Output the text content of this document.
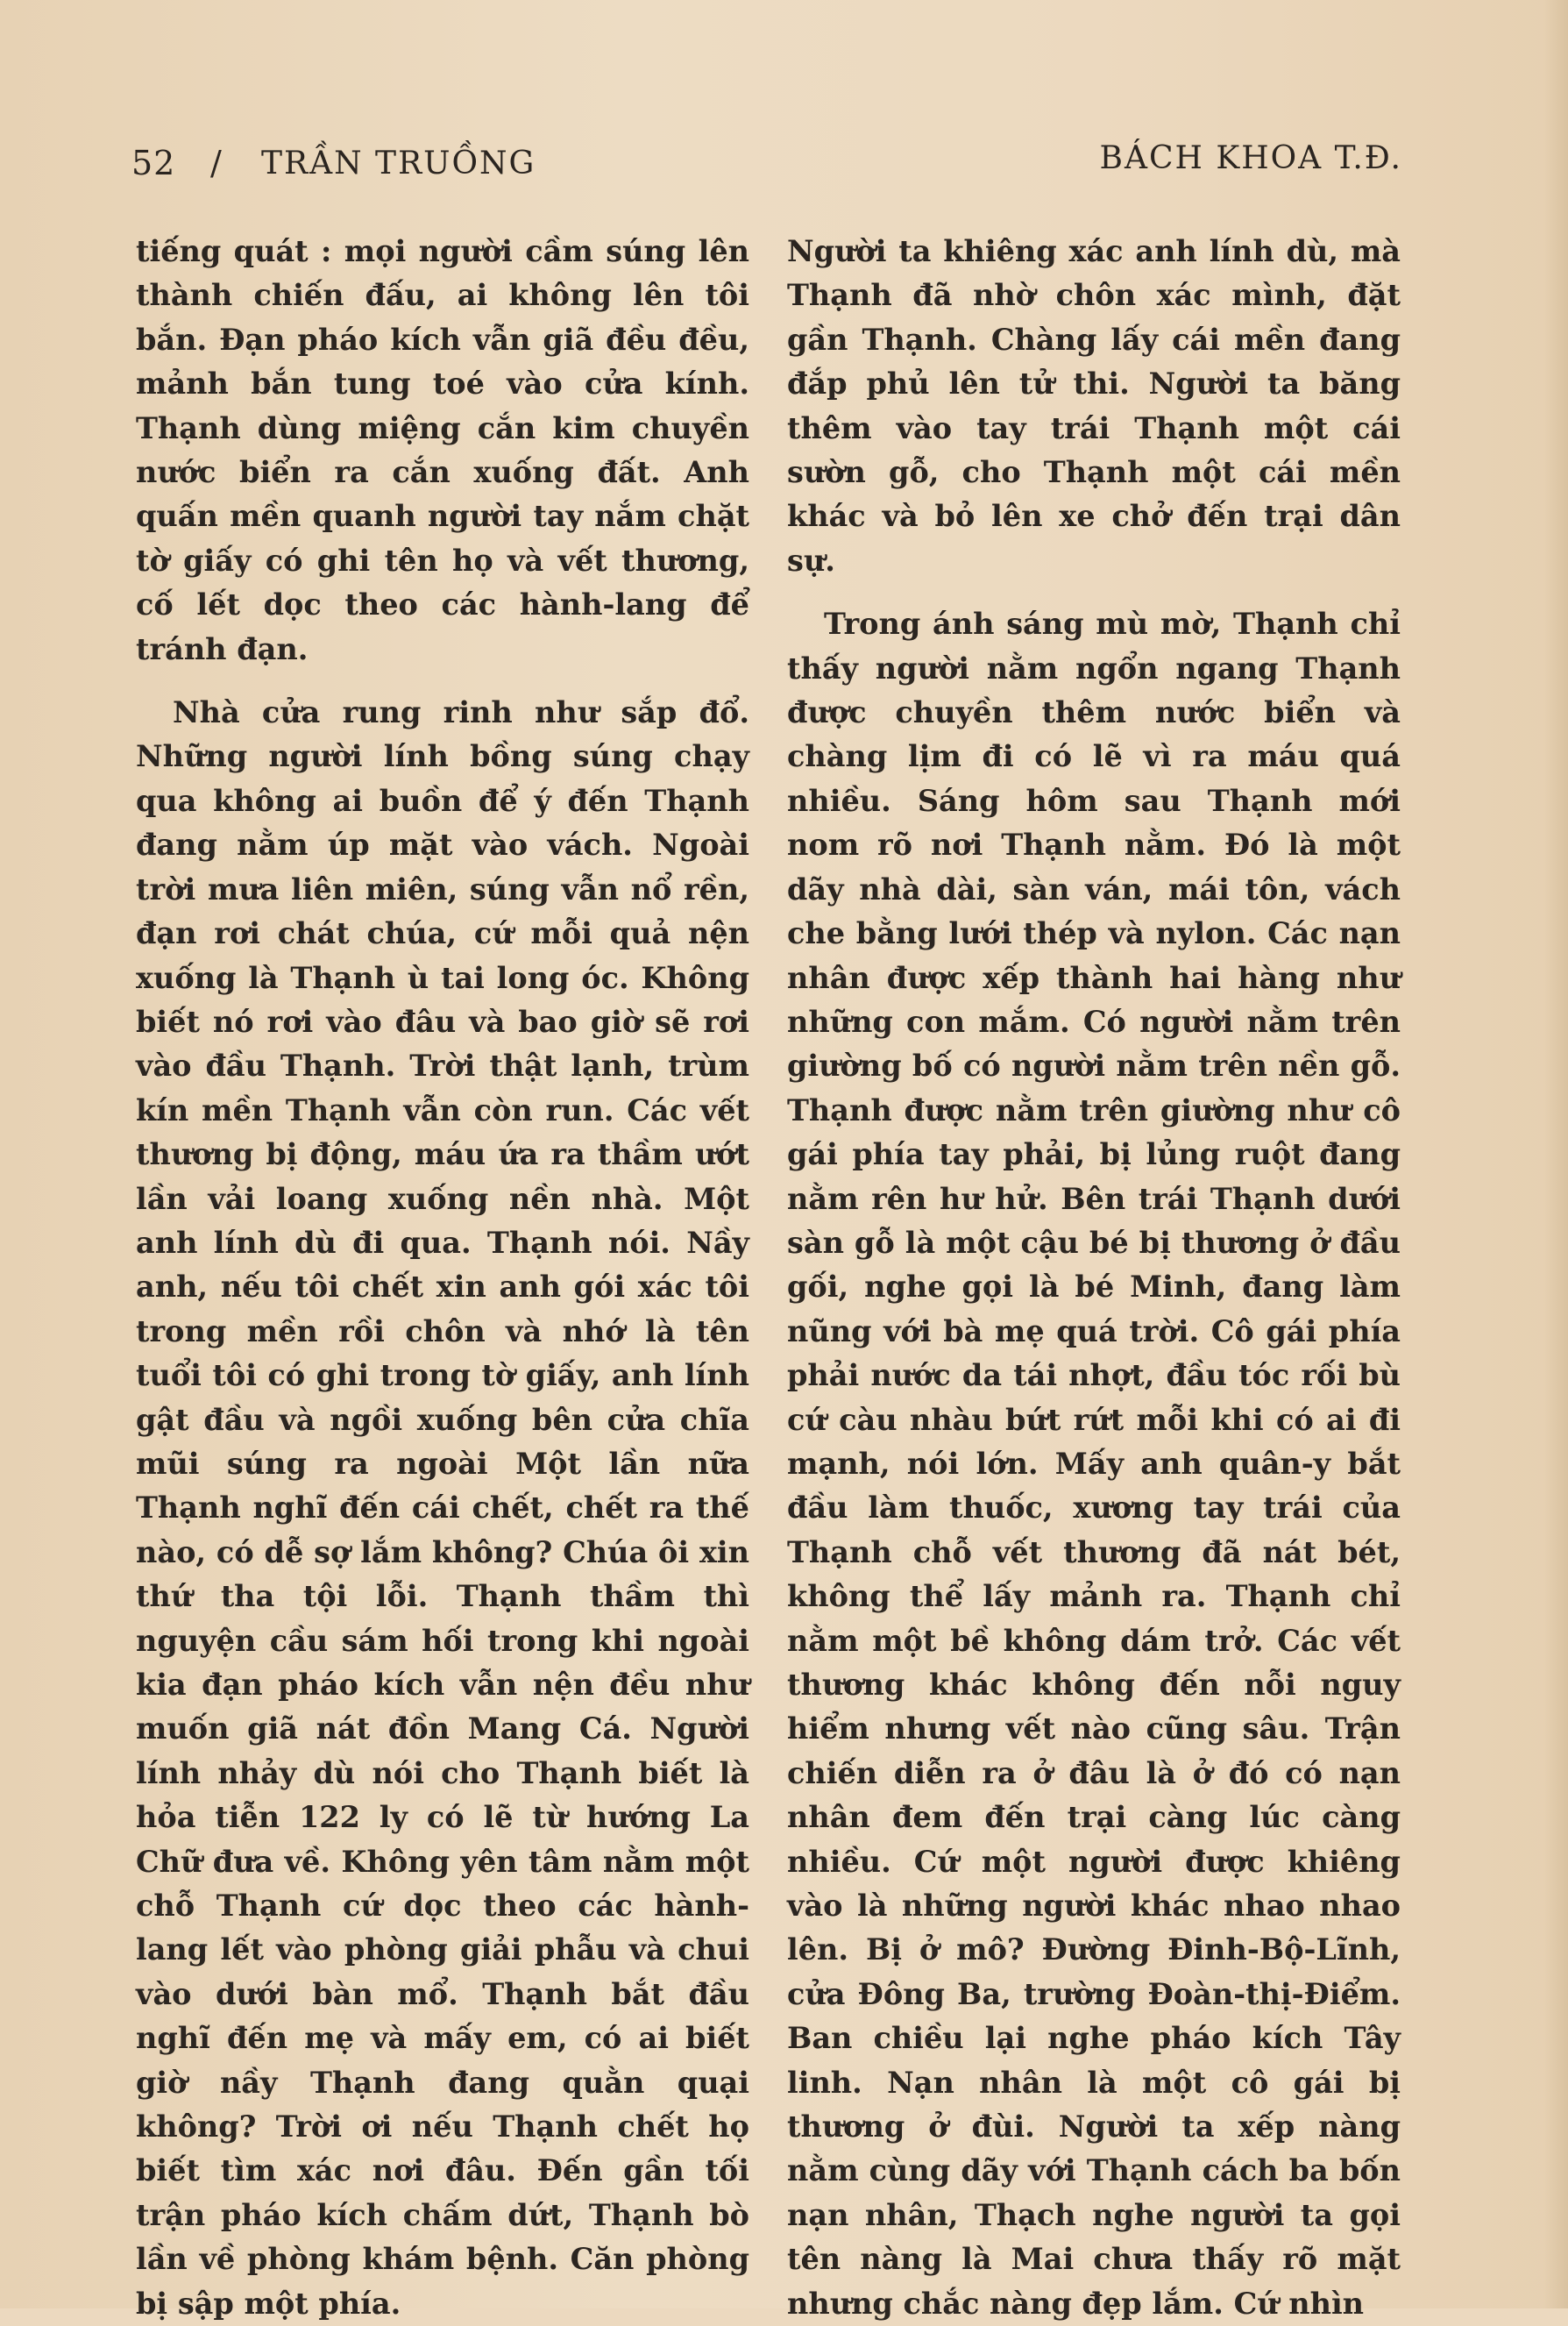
52 / TRẦN TRUỒNG	BÁCH KHOA T.Đ.

tiếng quát : mọi người cầm súng lên thành chiến đấu, ai không lên tôi bắn. Đạn pháo kích vẫn giã đều đều, mảnh bắn tung toé vào cửa kính. Thạnh dùng miệng cắn kim chuyền nước biển ra cắn xuống đất. Anh quấn mền quanh người tay nắm chặt tờ giấy có ghi tên họ và vết thương, cố lết dọc theo các hành-lang để tránh đạn.

Nhà cửa rung rinh như sắp đổ. Những người lính bồng súng chạy qua không ai buồn để ý đến Thạnh đang nằm úp mặt vào vách. Ngoài trời mưa liên miên, súng vẫn nổ rền, đạn rơi chát chúa, cứ mỗi quả nện xuống là Thạnh ù tai long óc. Không biết nó rơi vào đâu và bao giờ sẽ rơi vào đầu Thạnh. Trời thật lạnh, trùm kín mền Thạnh vẫn còn run. Các vết thương bị động, máu ứa ra thầm ướt lần vải loang xuống nền nhà. Một anh lính dù đi qua. Thạnh nói. Nầy anh, nếu tôi chết xin anh gói xác tôi trong mền rồi chôn và nhớ là tên tuổi tôi có ghi trong tờ giấy, anh lính gật đầu và ngồi xuống bên cửa chĩa mũi súng ra ngoài Một lần nữa Thạnh nghĩ đến cái chết, chết ra thế nào, có dễ sợ lắm không? Chúa ôi xin thứ tha tội lỗi. Thạnh thầm thì nguyện cầu sám hối trong khi ngoài kia đạn pháo kích vẫn nện đều như muốn giã nát đồn Mang Cá. Người lính nhảy dù nói cho Thạnh biết là hỏa tiễn 122 ly có lẽ từ hướng La Chữ đưa về. Không yên tâm nằm một chỗ Thạnh cứ dọc theo các hành-lang lết vào phòng giải phẫu và chui vào dưới bàn mổ. Thạnh bắt đầu nghĩ đến mẹ và mấy em, có ai biết giờ nầy Thạnh đang quằn quại không? Trời ơi nếu Thạnh chết họ biết tìm xác nơi đâu. Đến gần tối trận pháo kích chấm dứt, Thạnh bò lần về phòng khám bệnh. Căn phòng bị sập một phía.

Người ta khiêng xác anh lính dù, mà Thạnh đã nhờ chôn xác mình, đặt gần Thạnh. Chàng lấy cái mền đang đắp phủ lên tử thi. Người ta băng thêm vào tay trái Thạnh một cái sườn gỗ, cho Thạnh một cái mền khác và bỏ lên xe chở đến trại dân sự.

Trong ánh sáng mù mờ, Thạnh chỉ thấy người nằm ngổn ngang Thạnh được chuyền thêm nước biển và chàng lịm đi có lẽ vì ra máu quá nhiều. Sáng hôm sau Thạnh mới nom rõ nơi Thạnh nằm. Đó là một dãy nhà dài, sàn ván, mái tôn, vách che bằng lưới thép và nylon. Các nạn nhân được xếp thành hai hàng như những con mắm. Có người nằm trên giường bố có người nằm trên nền gỗ. Thạnh được nằm trên giường như cô gái phía tay phải, bị lủng ruột đang nằm rên hư hử. Bên trái Thạnh dưới sàn gỗ là một cậu bé bị thương ở đầu gối, nghe gọi là bé Minh, đang làm nũng với bà mẹ quá trời. Cô gái phía phải nước da tái nhợt, đầu tóc rối bù cứ càu nhàu bứt rứt mỗi khi có ai đi mạnh, nói lớn. Mấy anh quân-y bắt đầu làm thuốc, xương tay trái của Thạnh chỗ vết thương đã nát bét, không thể lấy mảnh ra. Thạnh chỉ nằm một bề không dám trở. Các vết thương khác không đến nỗi nguy hiểm nhưng vết nào cũng sâu. Trận chiến diễn ra ở đâu là ở đó có nạn nhân đem đến trại càng lúc càng nhiều. Cứ một người được khiêng vào là những người khác nhao nhao lên. Bị ở mô? Đường Đinh-Bộ-Lĩnh, cửa Đông Ba, trường Đoàn-thị-Điểm. Ban chiều lại nghe pháo kích Tây linh. Nạn nhân là một cô gái bị thương ở đùi. Người ta xếp nàng nằm cùng dãy với Thạnh cách ba bốn nạn nhân, Thạch nghe người ta gọi tên nàng là Mai chưa thấy rõ mặt nhưng chắc nàng đẹp lắm. Cứ nhìn
